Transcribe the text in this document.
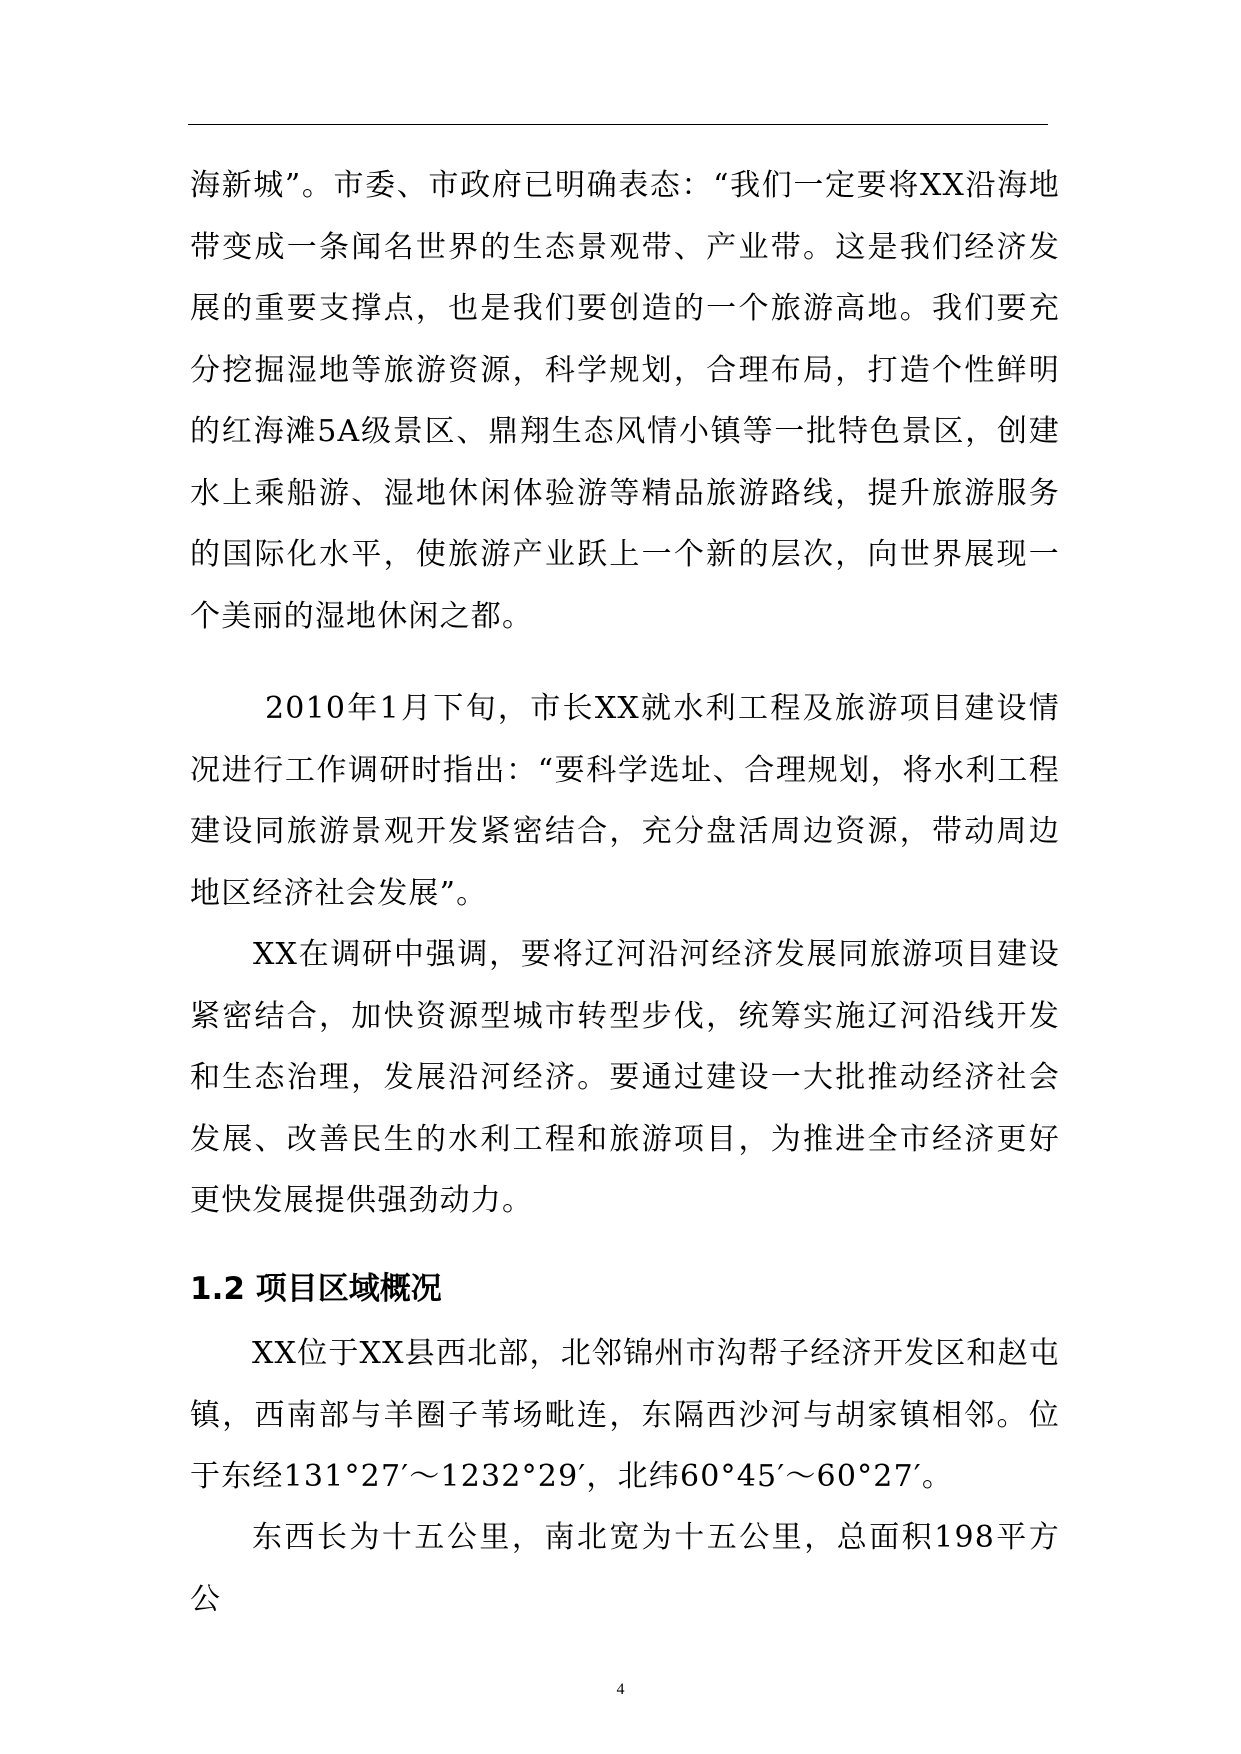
海新城”。市委、市政府已明确表态：“我们一定要将XX沿海地带变成一条闻名世界的生态景观带、产业带。这是我们经济发展的重要支撑点，也是我们要创造的一个旅游高地。我们要充分挖掘湿地等旅游资源，科学规划，合理布局，打造个性鲜明的红海滩5A级景区、鼎翔生态风情小镇等一批特色景区，创建水上乘船游、湿地休闲体验游等精品旅游路线，提升旅游服务的国际化水平，使旅游产业跃上一个新的层次，向世界展现一个美丽的湿地休闲之都。

2010年1月下旬，市长XX就水利工程及旅游项目建设情况进行工作调研时指出：“要科学选址、合理规划，将水利工程建设同旅游景观开发紧密结合，充分盘活周边资源，带动周边地区经济社会发展”。

XX在调研中强调，要将辽河沿河经济发展同旅游项目建设紧密结合，加快资源型城市转型步伐，统筹实施辽河沿线开发和生态治理，发展沿河经济。要通过建设一大批推动经济社会发展、改善民生的水利工程和旅游项目，为推进全市经济更好更快发展提供强劲动力。

1.2 项目区域概况

XX位于XX县西北部，北邻锦州市沟帮子经济开发区和赵屯镇，西南部与羊圈子苇场毗连，东隔西沙河与胡家镇相邻。位于东经131°27′～1232°29′，北纬60°45′～60°27′。

东西长为十五公里，南北宽为十五公里，总面积198平方公

4
